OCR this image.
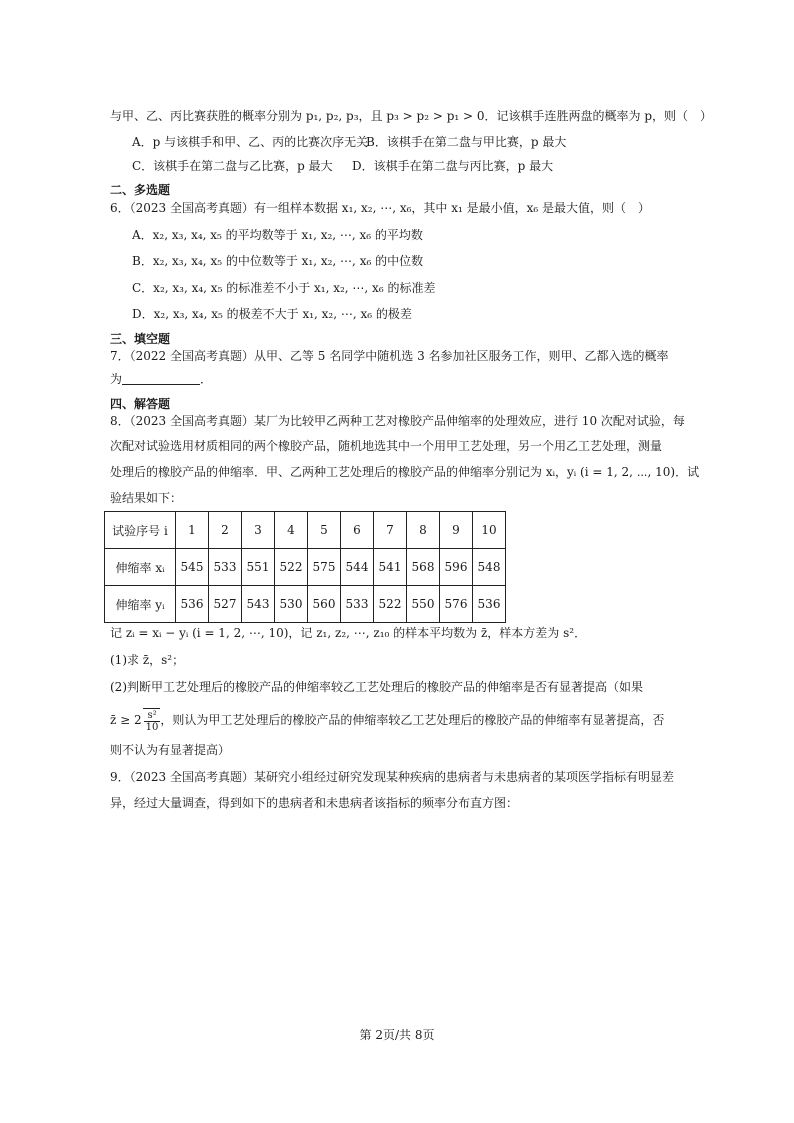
与甲、乙、丙比赛获胜的概率分别为 p₁, p₂, p₃，且 p₃ > p₂ > p₁ > 0．记该棋手连胜两盘的概率为 p，则（　）
A．p 与该棋手和甲、乙、丙的比赛次序无关
B．该棋手在第二盘与甲比赛，p 最大
C．该棋手在第二盘与乙比赛，p 最大 D．该棋手在第二盘与丙比赛，p 最大
二、多选题
6．（2023 全国高考真题）有一组样本数据 x₁, x₂, ⋯, x₆，其中 x₁ 是最小值，x₆ 是最大值，则（　）
A．x₂, x₃, x₄, x₅ 的平均数等于 x₁, x₂, ⋯, x₆ 的平均数
B．x₂, x₃, x₄, x₅ 的中位数等于 x₁, x₂, ⋯, x₆ 的中位数
C．x₂, x₃, x₄, x₅ 的标准差不小于 x₁, x₂, ⋯, x₆ 的标准差
D．x₂, x₃, x₄, x₅ 的极差不大于 x₁, x₂, ⋯, x₆ 的极差
三、填空题
7．（2022 全国高考真题）从甲、乙等 5 名同学中随机选 3 名参加社区服务工作，则甲、乙都入选的概率
为	．
四、解答题
8．（2023 全国高考真题）某厂为比较甲乙两种工艺对橡胶产品伸缩率的处理效应，进行 10 次配对试验，每
次配对试验选用材质相同的两个橡胶产品，随机地选其中一个用甲工艺处理，另一个用乙工艺处理，测量
处理后的橡胶产品的伸缩率．甲、乙两种工艺处理后的橡胶产品的伸缩率分别记为 xᵢ，yᵢ (i = 1, 2, ⋯, 10)．试
验结果如下：
试验序号 i	1	2	3	4	5	6	7	8	9	10
伸缩率 xᵢ	545	533	551	522	575	544	541	568	596	548
伸缩率 yᵢ	536	527	543	530	560	533	522	550	576	536
记 zᵢ = xᵢ − yᵢ (i = 1, 2, ⋯, 10)，记 z₁, z₂, ⋯, z₁₀ 的样本平均数为 z̄，样本方差为 s²．
(1)求 z̄，s²；
(2)判断甲工艺处理后的橡胶产品的伸缩率较乙工艺处理后的橡胶产品的伸缩率是否有显著提高（如果
z̄ ≥ $2 \frac{\text{s²}}{10}$ ，则认为甲工艺处理后的橡胶产品的伸缩率较乙工艺处理后的橡胶产品的伸缩率有显著提高，否
则不认为有显著提高）
9．（2023 全国高考真题）某研究小组经过研究发现某种疾病的患病者与未患病者的某项医学指标有明显差
异，经过大量调查，得到如下的患病者和未患病者该指标的频率分布直方图：
第 2页/共 8页
